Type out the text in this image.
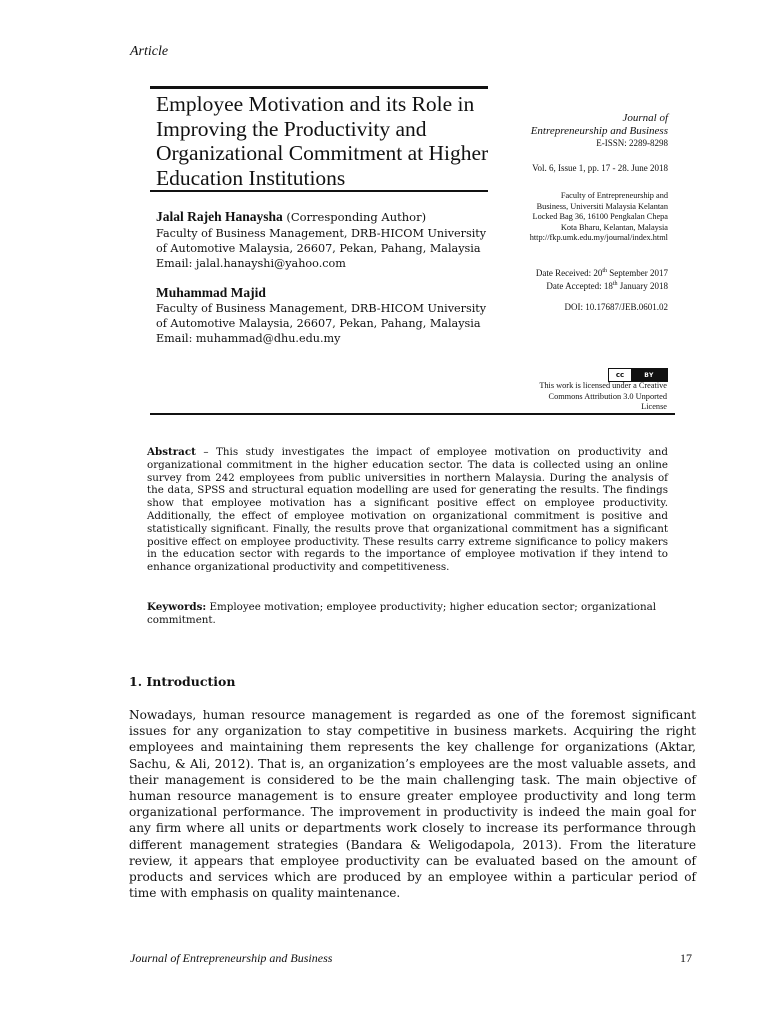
Article
Employee Motivation and its Role in Improving the Productivity and Organizational Commitment at Higher Education Institutions
Jalal Rajeh Hanaysha (Corresponding Author)
Faculty of Business Management, DRB-HICOM University
of Automotive Malaysia, 26607, Pekan, Pahang, Malaysia
Email: jalal.hanayshi@yahoo.com
Muhammad Majid
Faculty of Business Management, DRB-HICOM University
of Automotive Malaysia, 26607, Pekan, Pahang, Malaysia
Email: muhammad@dhu.edu.my
Journal of
Entrepreneurship and Business
E-ISSN: 2289-8298
Vol. 6, Issue 1, pp. 17 - 28. June 2018
Faculty of Entrepreneurship and
Business, Universiti Malaysia Kelantan
Locked Bag 36, 16100 Pengkalan Chepa
Kota Bharu, Kelantan, Malaysia
http://fkp.umk.edu.my/journal/index.html
Date Received: 20th September 2017
Date Accepted: 18th January 2018
DOI: 10.17687/JEB.0601.02
cc	BY
This work is licensed under a Creative
Commons Attribution 3.0 Unported
License
Abstract – This study investigates the impact of employee motivation on productivity and organizational commitment in the higher education sector. The data is collected using an online survey from 242 employees from public universities in northern Malaysia. During the analysis of the data, SPSS and structural equation modelling are used for generating the results. The findings show that employee motivation has a significant positive effect on employee productivity. Additionally, the effect of employee motivation on organizational commitment is positive and statistically significant. Finally, the results prove that organizational commitment has a significant positive effect on employee productivity. These results carry extreme significance to policy makers in the education sector with regards to the importance of employee motivation if they intend to enhance organizational productivity and competitiveness.
Keywords: Employee motivation; employee productivity; higher education sector; organizational commitment.
1. Introduction
Nowadays, human resource management is regarded as one of the foremost significant issues for any organization to stay competitive in business markets. Acquiring the right employees and maintaining them represents the key challenge for organizations (Aktar, Sachu, & Ali, 2012). That is, an organization’s employees are the most valuable assets, and their management is considered to be the main challenging task. The main objective of human resource management is to ensure greater employee productivity and long term organizational performance. The improvement in productivity is indeed the main goal for any firm where all units or departments work closely to increase its performance through different management strategies (Bandara & Weligodapola, 2013). From the literature review, it appears that employee productivity can be evaluated based on the amount of products and services which are produced by an employee within a particular period of time with emphasis on quality maintenance.
Journal of Entrepreneurship and Business	17
